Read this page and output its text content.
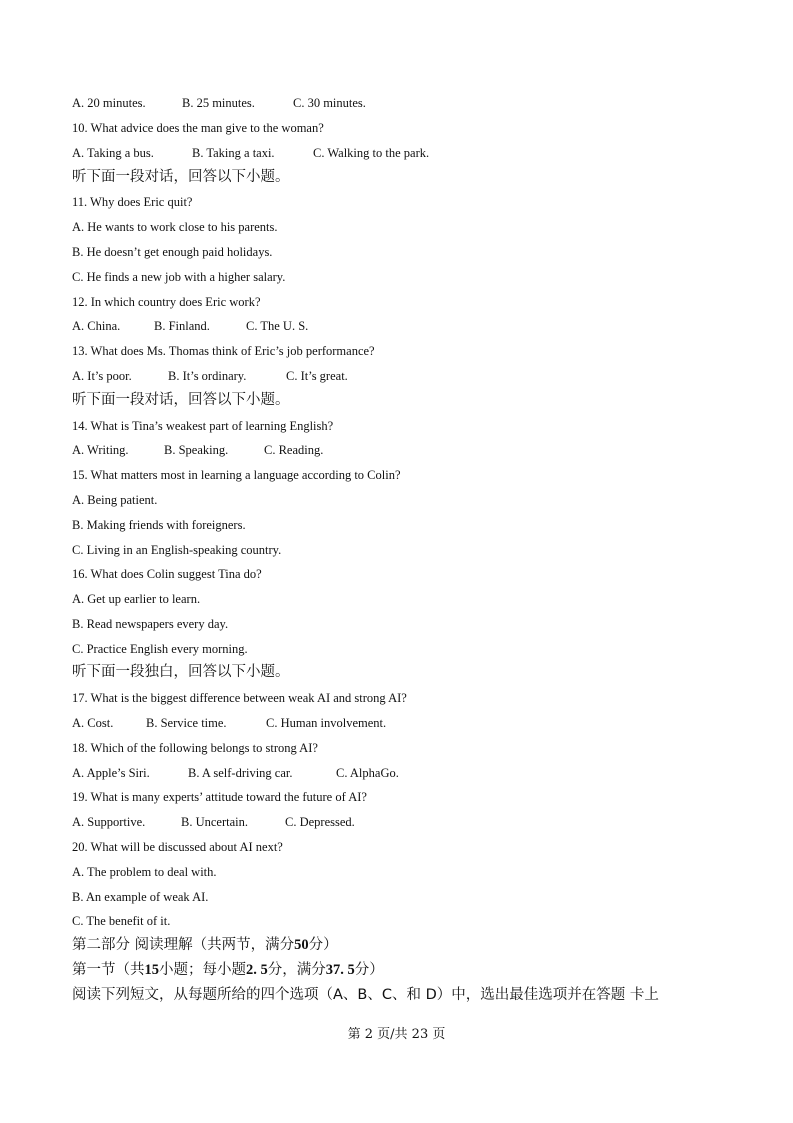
A. 20 minutes.	B. 25 minutes.	C. 30 minutes.
10. What advice does the man give to the woman?
A. Taking a bus.	B. Taking a taxi.	C. Walking to the park.
听下面一段对话，回答以下小题。
11. Why does Eric quit?
A. He wants to work close to his parents.
B. He doesn’t get enough paid holidays.
C. He finds a new job with a higher salary.
12. In which country does Eric work?
A. China.	B. Finland.	C. The U. S.
13. What does Ms. Thomas think of Eric’s job performance?
A. It’s poor.	B. It’s ordinary.	C. It’s great.
听下面一段对话，回答以下小题。
14. What is Tina’s weakest part of learning English?
A. Writing.	B. Speaking.	C. Reading.
15. What matters most in learning a language according to Colin?
A. Being patient.
B. Making friends with foreigners.
C. Living in an English-speaking country.
16. What does Colin suggest Tina do?
A. Get up earlier to learn.
B. Read newspapers every day.
C. Practice English every morning.
听下面一段独白，回答以下小题。
17. What is the biggest difference between weak AI and strong AI?
A. Cost.	B. Service time.	C. Human involvement.
18. Which of the following belongs to strong AI?
A. Apple’s Siri.	B. A self-driving car.	C. AlphaGo.
19. What is many experts’ attitude toward the future of AI?
A. Supportive.	B. Uncertain.	C. Depressed.
20. What will be discussed about AI next?
A. The problem to deal with.
B. An example of weak AI.
C. The benefit of it.
第二部分 阅读理解（共两节，满分50分）
第一节（共15小题；每小题2. 5分，满分37. 5分）
阅读下列短文，从每题所给的四个选项（A、B、C、和 D）中，选出最佳选项并在答题 卡上
第 2 页/共 23 页
